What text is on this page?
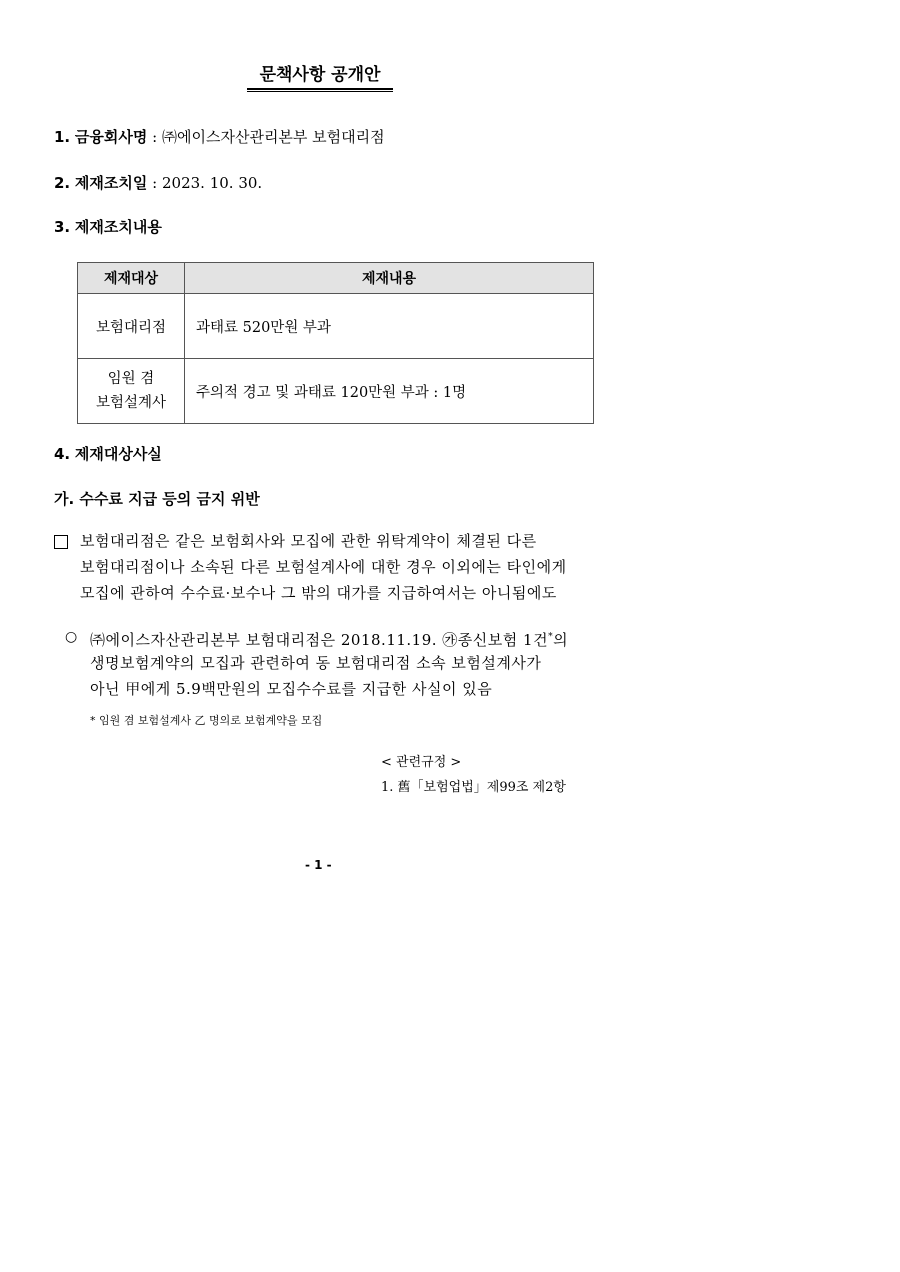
문책사항 공개안
1. 금융회사명 : ㈜에이스자산관리본부 보험대리점
2. 제재조치일 : 2023. 10. 30.
3. 제재조치내용
제재대상	제재내용
보험대리점	과태료 520만원 부과

임원 겸
보험설계사	주의적 경고 및 과태료 120만원 부과 : 1명
4. 제재대상사실
가. 수수료 지급 등의 금지 위반
보험대리점은 같은 보험회사와 모집에 관한 위탁계약이 체결된 다른
보험대리점이나 소속된 다른 보험설계사에 대한 경우 이외에는 타인에게
모집에 관하여 수수료·보수나 그 밖의 대가를 지급하여서는 아니됨에도
○ ㈜에이스자산관리본부 보험대리점은 2018.11.19. ㉮종신보험 1건*의
생명보험계약의 모집과 관련하여 동 보험대리점 소속 보험설계사가
아닌 甲에게 5.9백만원의 모집수수료를 지급한 사실이 있음
* 임원 겸 보험설계사 乙 명의로 보험계약을 모집
< 관련규정 >
1. 舊「보험업법」제99조 제2항
- 1 -
